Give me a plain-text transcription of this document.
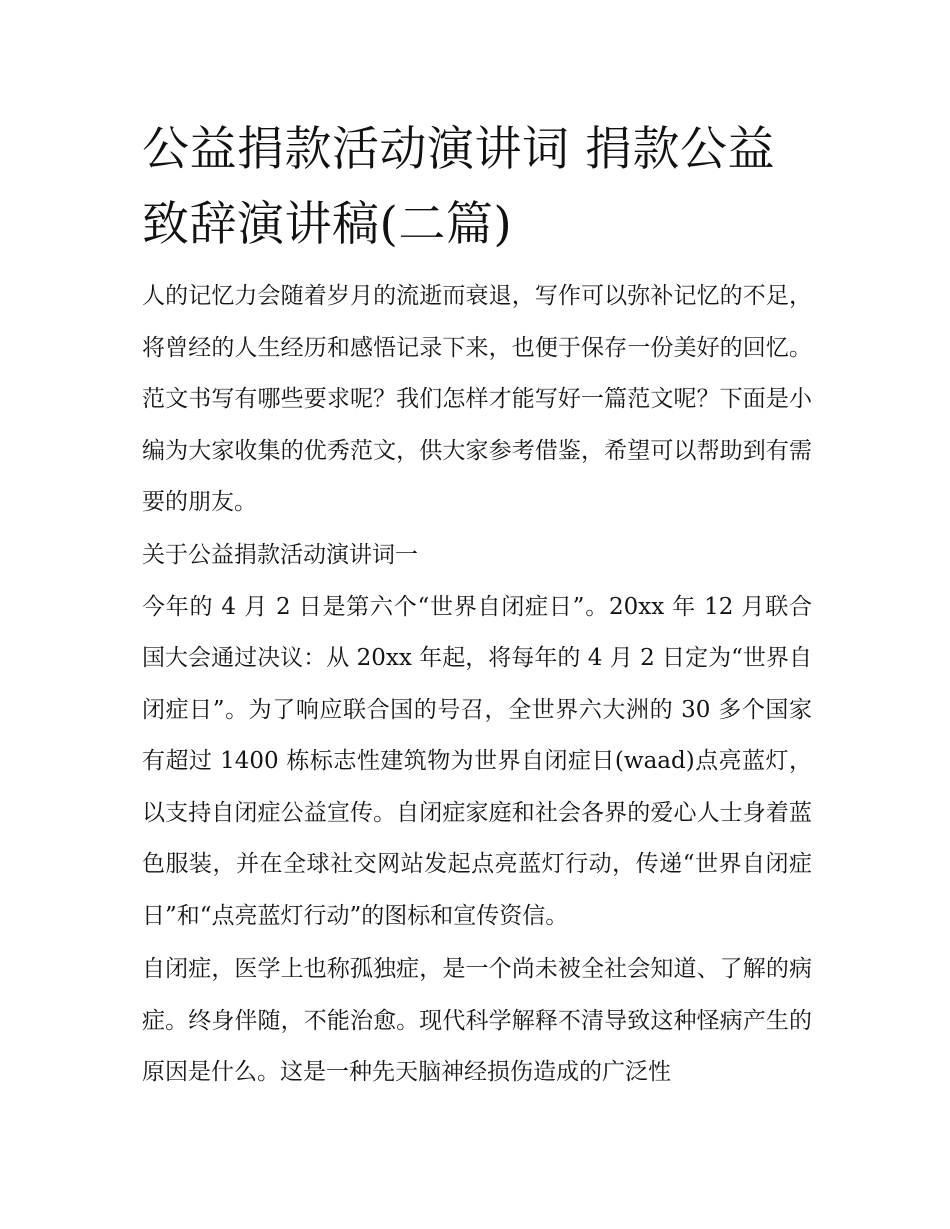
公益捐款活动演讲词 捐款公益致辞演讲稿(二篇)

人的记忆力会随着岁月的流逝而衰退，写作可以弥补记忆的不足，将曾经的人生经历和感悟记录下来，也便于保存一份美好的回忆。范文书写有哪些要求呢？我们怎样才能写好一篇范文呢？下面是小编为大家收集的优秀范文，供大家参考借鉴，希望可以帮助到有需要的朋友。

关于公益捐款活动演讲词一

今年的 4 月 2 日是第六个“世界自闭症日”。20xx 年 12 月联合国大会通过决议：从 20xx 年起，将每年的 4 月 2 日定为“世界自闭症日”。为了响应联合国的号召，全世界六大洲的 30 多个国家有超过 1400 栋标志性建筑物为世界自闭症日(waad)点亮蓝灯，以支持自闭症公益宣传。自闭症家庭和社会各界的爱心人士身着蓝色服装，并在全球社交网站发起点亮蓝灯行动，传递“世界自闭症日”和“点亮蓝灯行动”的图标和宣传资信。

自闭症，医学上也称孤独症，是一个尚未被全社会知道、了解的病症。终身伴随，不能治愈。现代科学解释不清导致这种怪病产生的原因是什么。这是一种先天脑神经损伤造成的广泛性
